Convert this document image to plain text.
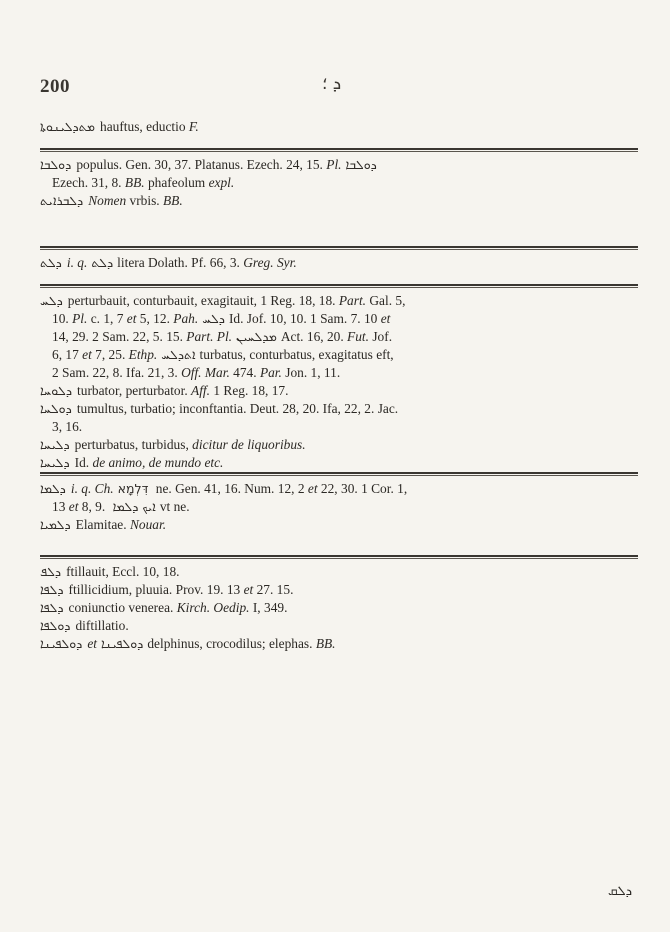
200	ܕ ؛
ܡܬܕܠܝܢܘܬܐ hauftus, eductio F.
ܕܘܠܒܐ populus. Gen. 30, 37. Platanus. Ezech. 24, 15. Pl. ܕܘܠܒܐ
Ezech. 31, 8. BB. phafeolum expl.
ܕܠܒܪܐܝܬ Nomen vrbis. BB.
ܕܠܬ i. q. ܕܠܬ litera Dolath. Pf. 66, 3. Greg. Syr.
ܕܠܚ perturbauit, conturbauit, exagitauit, 1 Reg. 18, 18. Part. Gal. 5,
10. Pl. c. 1, 7 et 5, 12. Pah. ܕܠܚ Id. Jof. 10, 10. 1 Sam. 7. 10 et
14, 29. 2 Sam. 22, 5. 15. Part. Pl. ܡܕܠܚܝܢ Act. 16, 20. Fut. Jof.
6, 17 et 7, 25. Ethp. ܐܬܕܠܚ turbatus, conturbatus, exagitatus eft,
2 Sam. 22, 8. Ifa. 21, 3. Off. Mar. 474. Par. Jon. 1, 11.
ܕܠܘܚܐ turbator, perturbator. Aff. 1 Reg. 18, 17.
ܕܘܠܚܐ tumultus, turbatio; inconftantia. Deut. 28, 20. Ifa, 22, 2. Jac.
3, 16.
ܕܠܝܚܐ perturbatus, turbidus, dicitur de liquoribus.
ܕܠܝܚܐ Id. de animo, de mundo etc.
ܕܠܡܐ i. q. Ch. דִּלְמָא ne. Gen. 41, 16. Num. 12, 2 et 22, 30. 1 Cor. 1,
13 et 8, 9. ܐܝܟ ܕܠܡܐ vt ne.
ܕܠܡܝܐ Elamitae. Nouar.
ܕܠܦ ftillauit, Eccl. 10, 18.
ܕܠܦܐ ftillicidium, pluuia. Prov. 19. 13 et 27. 15.
ܕܠܦܐ coniunctio venerea. Kirch. Oedip. I, 349.
ܕܘܠܦܐ diftillatio.
ܕܘܠܦܝܢܐ et ܕܘܠܦܝܢܐ delphinus, crocodilus; elephas. BB.
ܕܠܩ
